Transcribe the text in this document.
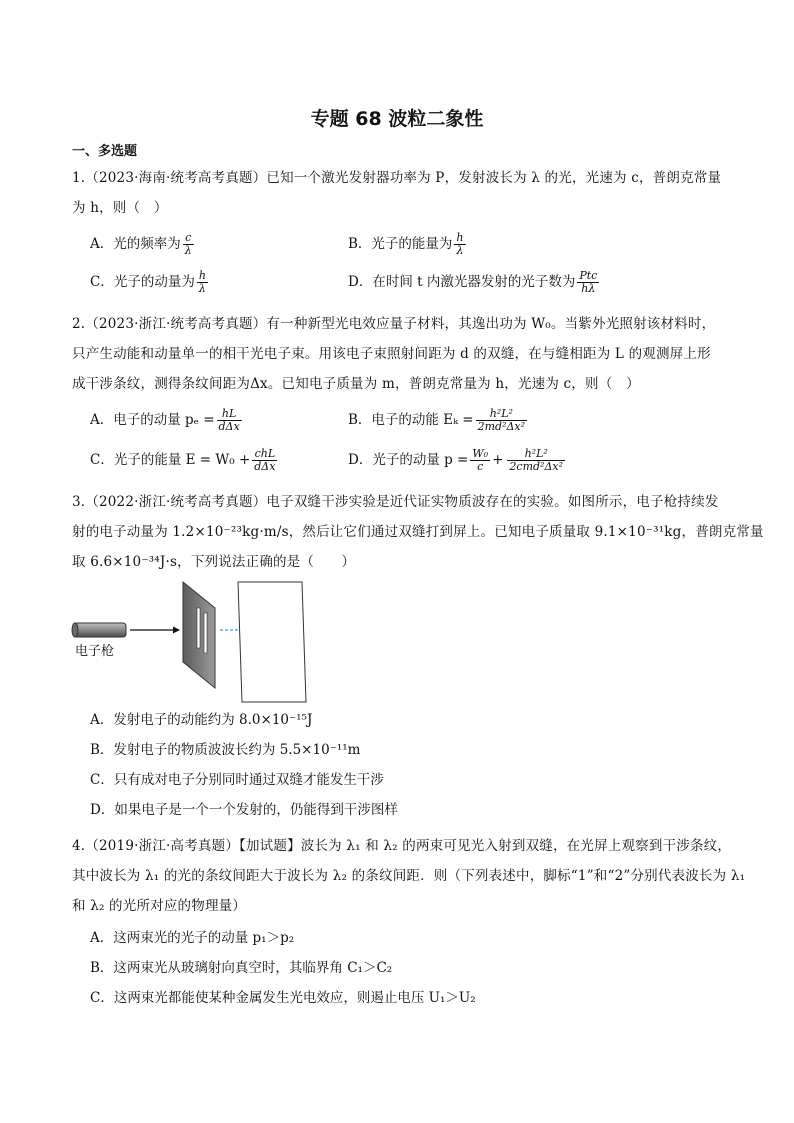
专题 68 波粒二象性
一、多选题
1.（2023·海南·统考高考真题）已知一个激光发射器功率为 P，发射波长为 λ 的光，光速为 c，普朗克常量
为 h，则（　）
A．光的频率为 $\frac{c}{\lambda}$	B．光子的能量为 $\frac{h}{\lambda}$
C．光子的动量为 $\frac{h}{\lambda}$	D．在时间 t 内激光器发射的光子数为 $\frac{\text{Ptc}}{h\lambda}$
2.（2023·浙江·统考高考真题）有一种新型光电效应量子材料，其逸出功为 W₀。当紫外光照射该材料时，
只产生动能和动量单一的相干光电子束。用该电子束照射间距为 d 的双缝，在与缝相距为 L 的观测屏上形
成干涉条纹，测得条纹间距为Δx。已知电子质量为 m，普朗克常量为 h，光速为 c，则（　）
A．电子的动量 $p_e = \frac{hL}{\text{dΔx}}$	B．电子的动能 $E_k = \frac{\text{h²L²}}{\text{2md²Δx²}}$
C．光子的能量 $E = W_0 + \frac{\text{chL}}{\text{dΔx}}$	D．光子的动量 $p = \frac{\text{W₀}}{c} + \frac{\text{h²L²}}{\text{2cmd²Δx²}}$
3.（2022·浙江·统考高考真题）电子双缝干涉实验是近代证实物质波存在的实验。如图所示，电子枪持续发
射的电子动量为 1.2×10⁻²³kg·m/s，然后让它们通过双缝打到屏上。已知电子质量取 9.1×10⁻³¹kg，普朗克常量
取 6.6×10⁻³⁴J·s，下列说法正确的是（　　）
电子枪
A．发射电子的动能约为 8.0×10⁻¹⁵J
B．发射电子的物质波波长约为 5.5×10⁻¹¹m
C．只有成对电子分别同时通过双缝才能发生干涉
D．如果电子是一个一个发射的，仍能得到干涉图样
4.（2019·浙江·高考真题）【加试题】波长为 λ₁ 和 λ₂ 的两束可见光入射到双缝，在光屏上观察到干涉条纹，
其中波长为 λ₁ 的光的条纹间距大于波长为 λ₂ 的条纹间距．则（下列表述中，脚标“1”和“2”分别代表波长为 λ₁
和 λ₂ 的光所对应的物理量）
A．这两束光的光子的动量 p₁＞p₂
B．这两束光从玻璃射向真空时，其临界角 C₁＞C₂
C．这两束光都能使某种金属发生光电效应，则遏止电压 U₁＞U₂
